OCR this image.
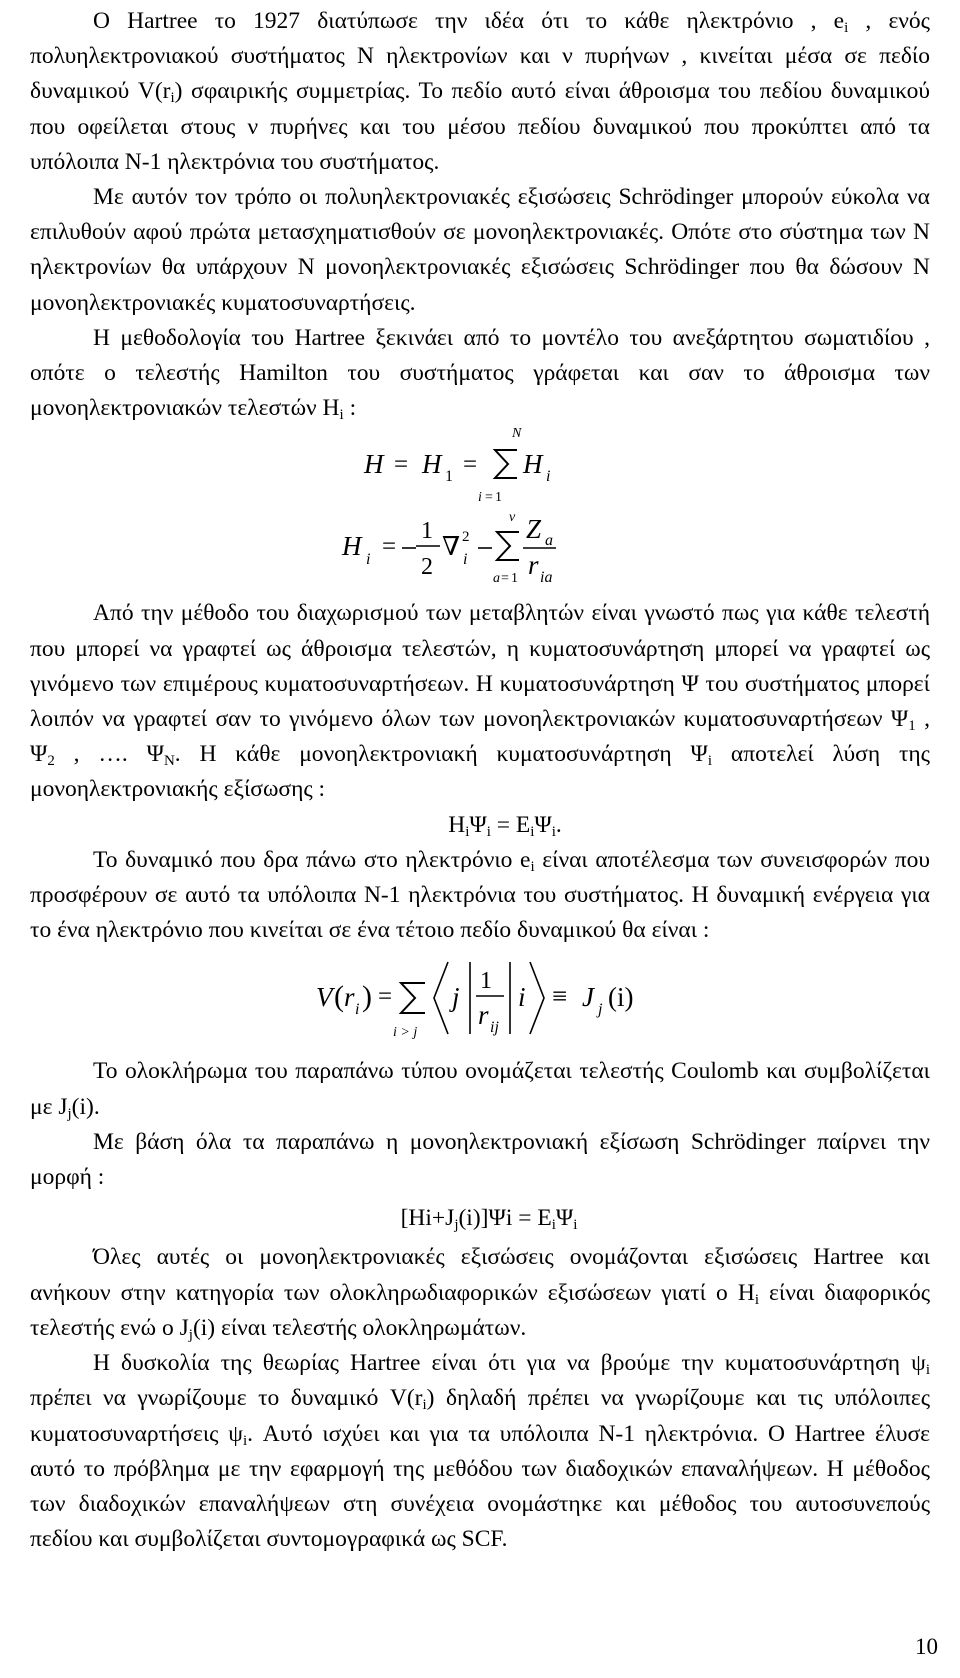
Ο Hartree το 1927 διατύπωσε την ιδέα ότι το κάθε ηλεκτρόνιο , $e_i$ , ενός πολυηλεκτρονιακού συστήματος Ν ηλεκτρονίων και ν πυρήνων , κινείται μέσα σε πεδίο δυναμικού $V(r_i)$ σφαιρικής συμμετρίας. Το πεδίο αυτό είναι άθροισμα του πεδίου δυναμικού που οφείλεται στους ν πυρήνες και του μέσου πεδίου δυναμικού που προκύπτει από τα υπόλοιπα Ν-1 ηλεκτρόνια του συστήματος.

Με αυτόν τον τρόπο οι πολυηλεκτρονιακές εξισώσεις Schrödinger μπορούν εύκολα να επιλυθούν αφού πρώτα μετασχηματισθούν σε μονοηλεκτρονιακές. Οπότε στο σύστημα των Ν ηλεκτρονίων θα υπάρχουν Ν μονοηλεκτρονιακές εξισώσεις Schrödinger που θα δώσουν Ν μονοηλεκτρονιακές κυματοσυναρτήσεις.

Η μεθοδολογία του Hartree ξεκινάει από το μοντέλο του ανεξάρτητου σωματιδίου , οπότε ο τελεστής Hamilton του συστήματος γράφεται και σαν το άθροισμα των μονοηλεκτρονιακών τελεστών $H_i$ :

N
H = H 1 =
i = 1
H i
H i =
1
2
∇ 2
i
ν
a = 1
Z a
r ia

Από την μέθοδο του διαχωρισμού των μεταβλητών είναι γνωστό πως για κάθε τελεστή που μπορεί να γραφτεί ως άθροισμα τελεστών, η κυματοσυνάρτηση μπορεί να γραφτεί ως γινόμενο των επιμέρους κυματοσυναρτήσεων. Η κυματοσυνάρτηση Ψ του συστήματος μπορεί λοιπόν να γραφτεί σαν το γινόμενο όλων των μονοηλεκτρονιακών κυματοσυναρτήσεων $\Psi_1$ , $\Psi_2$ , …. $\Psi_N$. Η κάθε μονοηλεκτρονιακή κυματοσυνάρτηση $\Psi_i$ αποτελεί λύση της μονοηλεκτρονιακής εξίσωσης :

$H_i\Psi_i = E_i\Psi_i$.

Το δυναμικό που δρα πάνω στο ηλεκτρόνιο $e_i$ είναι αποτέλεσμα των συνεισφορών που προσφέρουν σε αυτό τα υπόλοιπα Ν-1 ηλεκτρόνια του συστήματος. Η δυναμική ενέργεια για το ένα ηλεκτρόνιο που κινείται σε ένα τέτοιο πεδίο δυναμικού θα είναι :

V ( r i ) =
i > j
j
1
r ij
i ≡ J j (i)

Το ολοκλήρωμα του παραπάνω τύπου ονομάζεται τελεστής Coulomb και συμβολίζεται με $J_j(i)$.

Με βάση όλα τα παραπάνω η μονοηλεκτρονιακή εξίσωση Schrödinger παίρνει την μορφή :

$[Hi+J_j(i)]\Psi i = E_i\Psi_i$

Όλες αυτές οι μονοηλεκτρονιακές εξισώσεις ονομάζονται εξισώσεις Hartree και ανήκουν στην κατηγορία των ολοκληρωδιαφορικών εξισώσεων γιατί ο $H_i$ είναι διαφορικός τελεστής ενώ ο $J_j(i)$ είναι τελεστής ολοκληρωμάτων.

Η δυσκολία της θεωρίας Hartree είναι ότι για να βρούμε την κυματοσυνάρτηση $\psi_i$ πρέπει να γνωρίζουμε το δυναμικό $V(r_i)$ δηλαδή πρέπει να γνωρίζουμε και τις υπόλοιπες κυματοσυναρτήσεις $\psi_i$. Αυτό ισχύει και για τα υπόλοιπα Ν-1 ηλεκτρόνια. Ο Hartree έλυσε αυτό το πρόβλημα με την εφαρμογή της μεθόδου των διαδοχικών επαναλήψεων. Η μέθοδος των διαδοχικών επαναλήψεων στη συνέχεια ονομάστηκε και μέθοδος του αυτοσυνεπούς πεδίου και συμβολίζεται συντομογραφικά ως SCF.

10
